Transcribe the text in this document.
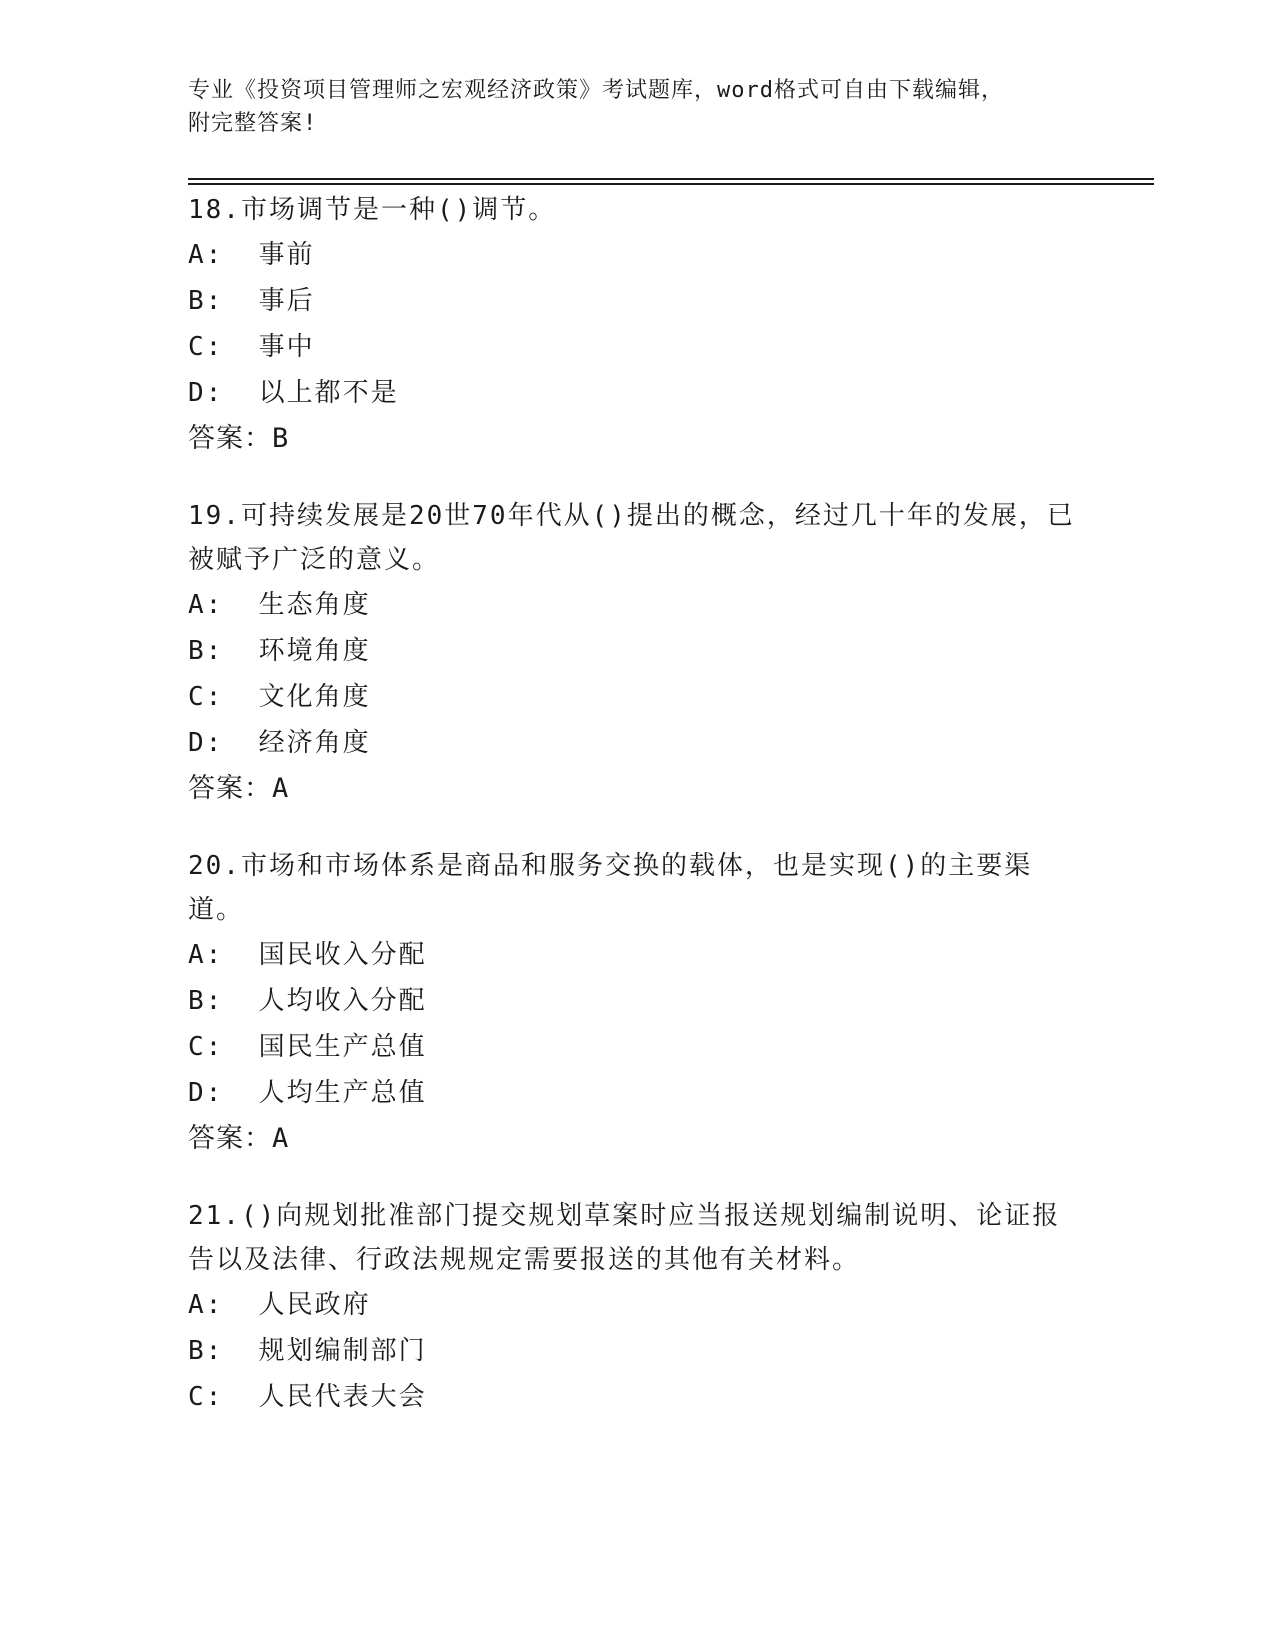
专业《投资项目管理师之宏观经济政策》考试题库，word格式可自由下载编辑，
附完整答案!

18.市场调节是一种()调节。

A:  事前

B:  事后

C:  事中

D:  以上都不是

答案：B

19.可持续发展是20世70年代从()提出的概念，经过几十年的发展，已被赋予广泛的意义。

A:  生态角度

B:  环境角度

C:  文化角度

D:  经济角度

答案：A

20.市场和市场体系是商品和服务交换的载体，也是实现()的主要渠道。

A:  国民收入分配

B:  人均收入分配

C:  国民生产总值

D:  人均生产总值

答案：A

21.()向规划批准部门提交规划草案时应当报送规划编制说明、论证报告以及法律、行政法规规定需要报送的其他有关材料。

A:  人民政府

B:  规划编制部门

C:  人民代表大会
